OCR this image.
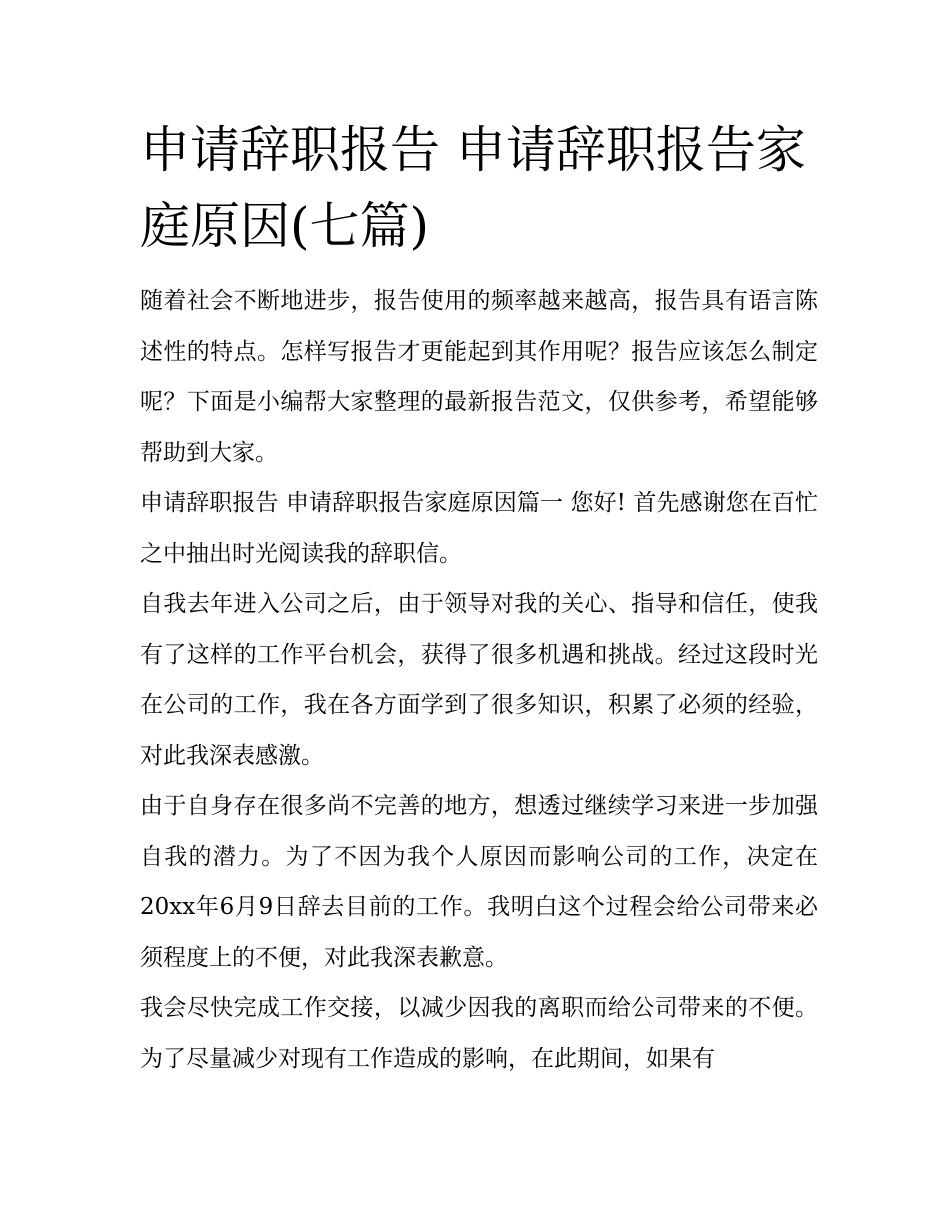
申请辞职报告 申请辞职报告家庭原因(七篇)

随着社会不断地进步，报告使用的频率越来越高，报告具有语言陈述性的特点。怎样写报告才更能起到其作用呢？报告应该怎么制定呢？下面是小编帮大家整理的最新报告范文，仅供参考，希望能够帮助到大家。

申请辞职报告 申请辞职报告家庭原因篇一 您好! 首先感谢您在百忙之中抽出时光阅读我的辞职信。

自我去年进入公司之后，由于领导对我的关心、指导和信任，使我有了这样的工作平台机会，获得了很多机遇和挑战。经过这段时光在公司的工作，我在各方面学到了很多知识，积累了必须的经验，对此我深表感激。

由于自身存在很多尚不完善的地方，想透过继续学习来进一步加强自我的潜力。为了不因为我个人原因而影响公司的工作，决定在20xx年6月9日辞去目前的工作。我明白这个过程会给公司带来必须程度上的不便，对此我深表歉意。

我会尽快完成工作交接，以减少因我的离职而给公司带来的不便。为了尽量减少对现有工作造成的影响，在此期间，如果有
